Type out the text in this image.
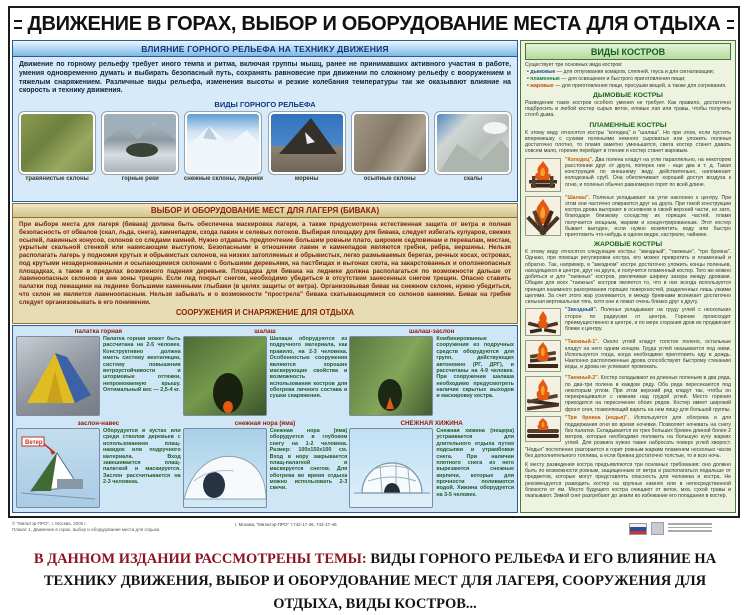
ДВИЖЕНИЕ В ГОРАХ, ВЫБОР И ОБОРУДОВАНИЕ МЕСТА ДЛЯ ОТДЫХА
ВЛИЯНИЕ ГОРНОГО РЕЛЬЕФА НА ТЕХНИКУ ДВИЖЕНИЯ
Движение по горному рельефу требует иного темпа и ритма, включая группы мышц, ранее не принимавших активного участия в работе, умения одновременно думать и выбирать безопасный путь, сохранять равновесие при движении по сложному рельефу с вооружением и тяжелым снаряжением. Различные виды рельефа, изменения высоты и резкие колебания температуры так же оказывают влияние на скорость и технику движения.
ВИДЫ ГОРНОГО РЕЛЬЕФА
травянистые склоны	горные реки	снежные склоны, ледники	морены	осыпные склоны	скалы
ВЫБОР И ОБОРУДОВАНИЕ МЕСТ ДЛЯ ЛАГЕРЯ (БИВАКА)
При выборе места для лагеря (бивака) должна быть обеспечена маскировка лагеря, а также предусмотрена естественная защита от ветра и полная безопасность от обвалов (скал, льда, снега), камнепадов, схода лавин и селевых потоков. Выбирая площадку для бивака, следует избегать кулуаров, свежих осыпей, лавинных конусов, склонов со следами камней. Нужно отдавать предпочтение большим ровным плато, широким седловинам и перевалам, местам, укрытым скальной стенкой или нависающим выступом. Безопасными в отношении лавин и камнепадов являются гребни, ребра, вершины. Нельзя располагать лагерь у подножия крутых и обрывистых склонов, на низких затопляемых и обрывистых, легко размываемых берегах, речных косах, островах, под крутыми незадернованными и осыпающимися склонами с большими деревьями, на пастбищах и выгонах скота, на закарстованных и оползнеопасных площадках, а также в пределах возможного падения деревьев. Площадка для бивака на леднике должна располагаться по возможности дальше от лавиноопасных склонов и вне зоны трещин. Если лед покрыт снегом, необходимо убедиться в отсутствии занесенных снегом трещин. Опасно ставить палатки под лежащими на леднике большими каменными глыбами (в целях защиты от ветра). Организовывая бивак на снежном склоне, нужно убедиться, что склон не является лавиноопасным. Нельзя забывать и о возможности "прострела" бивака скатывающимися со склонов камнями. Бивак на гребне следует организовывать в его понижении.
СООРУЖЕНИЯ И СНАРЯЖЕНИЕ ДЛЯ ОТДЫХА
палатка горная
Палатка горная может быть рассчитана на 2-5 человек. Конструктивно должна иметь систему вентиляции, систему повышения ветроустойчивости и штормовые оттяжки, непромокаемую крышу. Оптимальный вес — 2,5-4 кг.
шалаш
Шалаши оборудуются из подручного материала, как правило, на 2-3 человека. Особенностью сооружения являются хорошие маскирующие свойства и возможность использования костров для обогрева личного состава и сушки снаряжения.
шалаш-заслон
Комбинированные сооружения из подручных средств оборудуются для групп, действующих автономно (РГ, ДРГ), и рассчитаны на 4-9 человек. При сооружении шалаша необходимо предусмотреть наличие скрытых выходов и маскировку костра.
заслон-навес
Ветер
Оборудуется в кустах или среди стволов деревьев с использованием плащ-накидок или подручного материала. Вход завешивается плащ-палаткой и маскируется. Заслон рассчитывается на 2-3 человека.
снежная нора (яма)
Снежная нора (яма) оборудуется в глубоком снегу на 1-2 человека. Размер: 100х150х100 см. Вход в нору закрывается плащ-палаткой и маскируется снегом. Для обогрева во время отдыха можно использовать 2-3 свечи.
СНЕЖНАЯ ХИЖИНА
Снежная хижина (пещера) устраивается для длительного отдыха путем подсыпки и утрамбовки снега. При наличии плотного снега из него вырезаются снежные кирпичи, которые для прочности поливаются водой. Хижина оборудуется на 3-5 человек.
ВИДЫ КОСТРОВ
Существует три основных вида костров:
• дымовые — для отпугивания комаров, слепней, гнуса и для сигнализации;
• пламенные — для освещения и быстрого приготовления пищи;
• жаровые — для приготовления пищи, просушки вещей, а также для согревания.
ДЫМОВЫЕ КОСТРЫ
Разведение таких костров особого умения не требует. Как правило, достаточно подбросить в любой костер сырых веток, еловых лап или травы, чтобы получить столб дыма.
ПЛАМЕННЫЕ КОСТРЫ
К этому виду относятся костры "колодец" и "шалаш". Но при этом, если пустить вперемешку с сухими поленьями немного сыроватых или уложить поленья достаточно плотно, то пламя заметно уменьшится, света костер станет давать совсем мало, горение перейдет в тление и костер станет жаровым.

"Колодец". Два полена кладут на угли параллельно, на некотором расстоянии друг от друга, поперек них - еще два и т. д. Такая конструкция по внешнему виду, действительно, напоминает колодезный сруб. Она обеспечивает хороший доступ воздуха к огню, и поленья обычно равномерно горят по всей длине.

"Шалаш". Поленья укладывают на угли наклонно к центру. При этом они частично опираются друг на друга. При такой конструкции костра дрова выгорают в основном в своей верхней части, но зато, благодаря близкому соседству их горящих частей, пламя получается мощным, жарким и концентрированным. Этот костер бывает выгоден, если нужно вскипятить воду или быстро приготовить что-нибудь в одном ведре, кастрюле, чайнике.

ЖАРОВЫЕ КОСТРЫ
К этому виду относятся следующие костры: "звездный", "таежные", "три бревна". Однако, при помощи регулировки костра, его можно превратить в пламенный и обратно. Так, например, в "звездном" костре достаточно уложить концы поленьев, находящихся в центре, друг на друга, и получится пламенный костер. Того же можно добиться и для "таежных" костров, увеличивая ширину зазора между дровами. Общим для всех "таежных" костров является то, что в них всегда используется принцип взаимного разогревания горящих поверхностей, разделенных лишь узкими щелями. За счет этого жар усиливается, и между бревнами возникает достаточно сильная вертикальная тяга, хотя они и лежат очень близко друг к другу.

"Звездный". Поленья укладывают на груду углей с нескольких сторон по радиусам от центра. Горение происходит преимущественно в центре, и по мере сгорания дров их продвигают ближе к центру.

"Таежный-1". Около углей кладут толстое полено, остальные кладут на него одним концом. Груда углей оказывается под ними. Используется тогда, когда необходимо приготовить еду в дождь. Наклонно расположенные дрова способствуют быстрому стеканию воды, и дрова не успевают промокать.

"Таежный-2". Костер складывают из длинных поленьев в два ряда, по два-три полена в каждом ряду. Оба ряда пересекаются под некоторым углом. При этом верхний ряд кладут так, чтобы он перекрещивался с нижним над грудой углей. Место горения приходится на пересечение обоих рядов. Костер имеет широкий фронт огня, позволяющий варить на нем пищу для большой группы.

"Три бревна (нодья)". Используется для обогрева и для поддержания огня во время ночевки. Позволяет ночевать на снегу без палатки. Складывается из трех больших бревен длиной более 2 метров, которые необходимо положить на большую кучу жарких углей. Для розжига нужно также набросать поверх углей хворост. "Нодья" постепенно разгорается и горит ровным жарким пламенем несколько часов без дополнительного топлива, а если бревна достаточно толстые, то и всю ночь.

К месту разведения костра предъявляются три основных требования: оно должно быть по возможности ровным, защищенным от ветра и располагаться подальше от предметов, которые могут представлять опасность для человека и костра. Не рекомендуется разводить костер на крупных камнях или в непосредственной близости от ям. Место будущего костра очищают от веток, мха, сухой травы и окапывают. Зимой снег разгребают до земли во избежание его попадания в костер.
© "Милитэр-ПРО", г. Москва, 2000 г.
Плакат 1. Движение в горах, выбор и оборудование места для отдыха
г. Москва, "Милитэр-ПРО" т.742-17-46, 742-17-46
В ДАННОМ ИЗДАНИИ РАССМОТРЕНЫ ТЕМЫ: ВИДЫ ГОРНОГО РЕЛЬЕФА И ЕГО ВЛИЯНИЕ НА ТЕХНИКУ ДВИЖЕНИЯ, ВЫБОР И ОБОРУДОВАНИЕ МЕСТ ДЛЯ ЛАГЕРЯ, СООРУЖЕНИЯ ДЛЯ ОТДЫХА, ВИДЫ КОСТРОВ...
